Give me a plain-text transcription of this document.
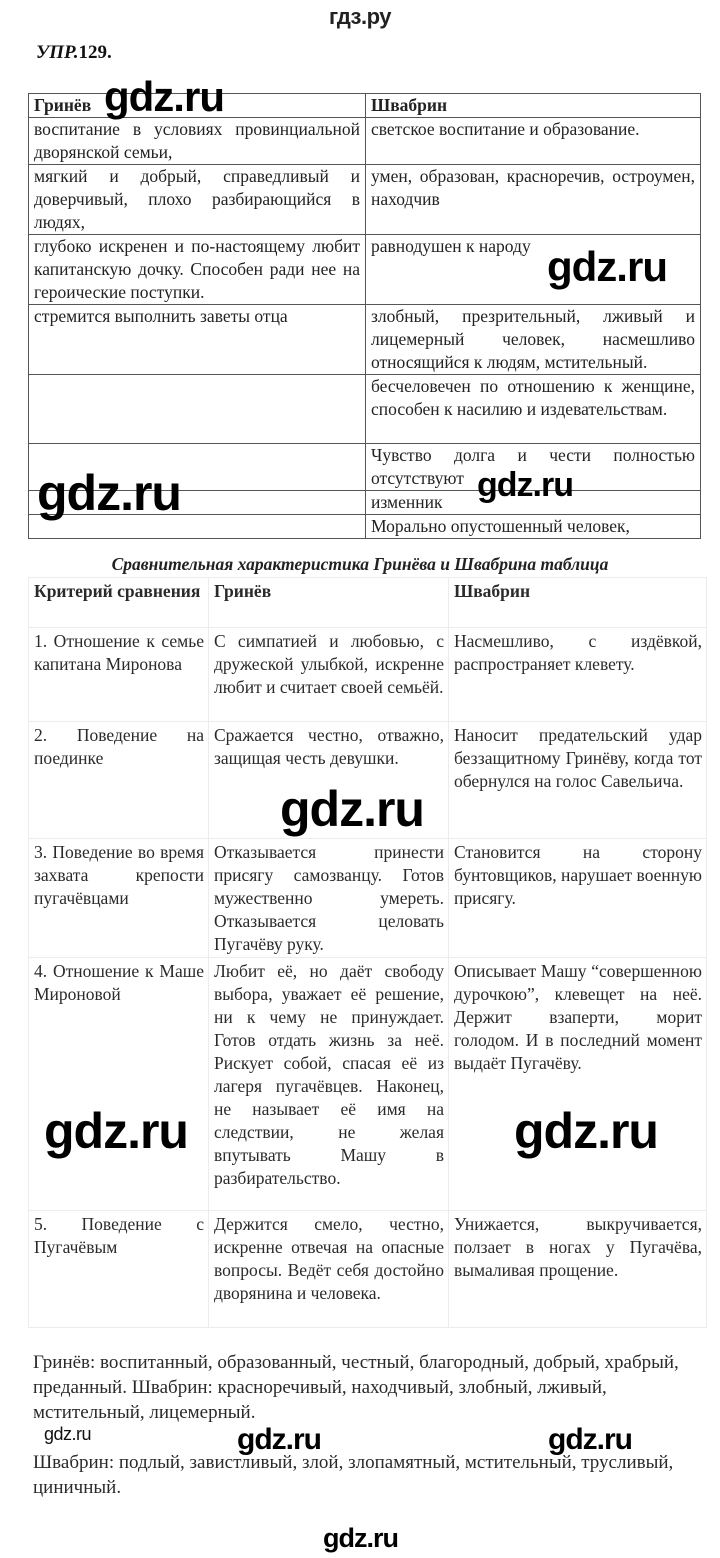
гдз.ру
УПР.129.
Гринёв	Швабрин
воспитание в условиях провинциальной дворянской семьи,	светское воспитание и образование.
мягкий и добрый, справедливый и доверчивый, плохо разбирающийся в людях,	умен, образован, красноречив, остроумен, находчив
глубоко искренен и по-настоящему любит капитанскую дочку. Способен ради нее на героические поступки.	равнодушен к народу
стремится выполнить заветы отца	злобный, презрительный, лживый и лицемерный человек, насмешливо относящийся к людям, мстительный.
	бесчеловечен по отношению к женщине, способен к насилию и издевательствам.
	Чувство долга и чести полностью отсутствуют
	изменник
	Морально опустошенный человек,
Сравнительная характеристика Гринёва и Швабрина таблица
Критерий сравнения	Гринёв	Швабрин
1. Отношение к семье капитана Миронова	С симпатией и любовью, с дружеской улыбкой, искренне любит и считает своей семьёй.	Насмешливо, с издёвкой, распространяет клевету.
2. Поведение на поединке	Сражается честно, отважно, защищая честь девушки.	Наносит предательский удар беззащитному Гринёву, когда тот обернулся на голос Савельича.
3. Поведение во время захвата крепости пугачёвцами	Отказывается принести присягу самозванцу. Готов мужественно умереть. Отказывается целовать Пугачёву руку.	Становится на сторону бунтовщиков, нарушает военную присягу.
4. Отношение к Маше Мироновой	Любит её, но даёт свободу выбора, уважает её решение, ни к чему не принуждает. Готов отдать жизнь за неё. Рискует собой, спасая её из лагеря пугачёвцев. Наконец, не называет её имя на следствии, не желая впутывать Машу в разбирательство.	Описывает Машу “совершенною дурочкою”, клевещет на неё. Держит взаперти, морит голодом. И в последний момент выдаёт Пугачёву.
5. Поведение с Пугачёвым	Держится смело, честно, искренне отвечая на опасные вопросы. Ведёт себя достойно дворянина и человека.	Унижается, выкручивается, ползает в ногах у Пугачёва, вымаливая прощение.
Гринёв: воспитанный, образованный, честный, благородный, добрый, храбрый, преданный. Швабрин: красноречивый, находчивый, злобный, лживый, мстительный, лицемерный.
Швабрин: подлый, завистливый, злой, злопамятный, мстительный, трусливый, циничный.
gdz.ru
gdz.ru
gdz.ru	gdz.ru
gdz.ru
gdz.ru	gdz.ru
gdz.ru	gdz.ru	gdz.ru
gdz.ru
